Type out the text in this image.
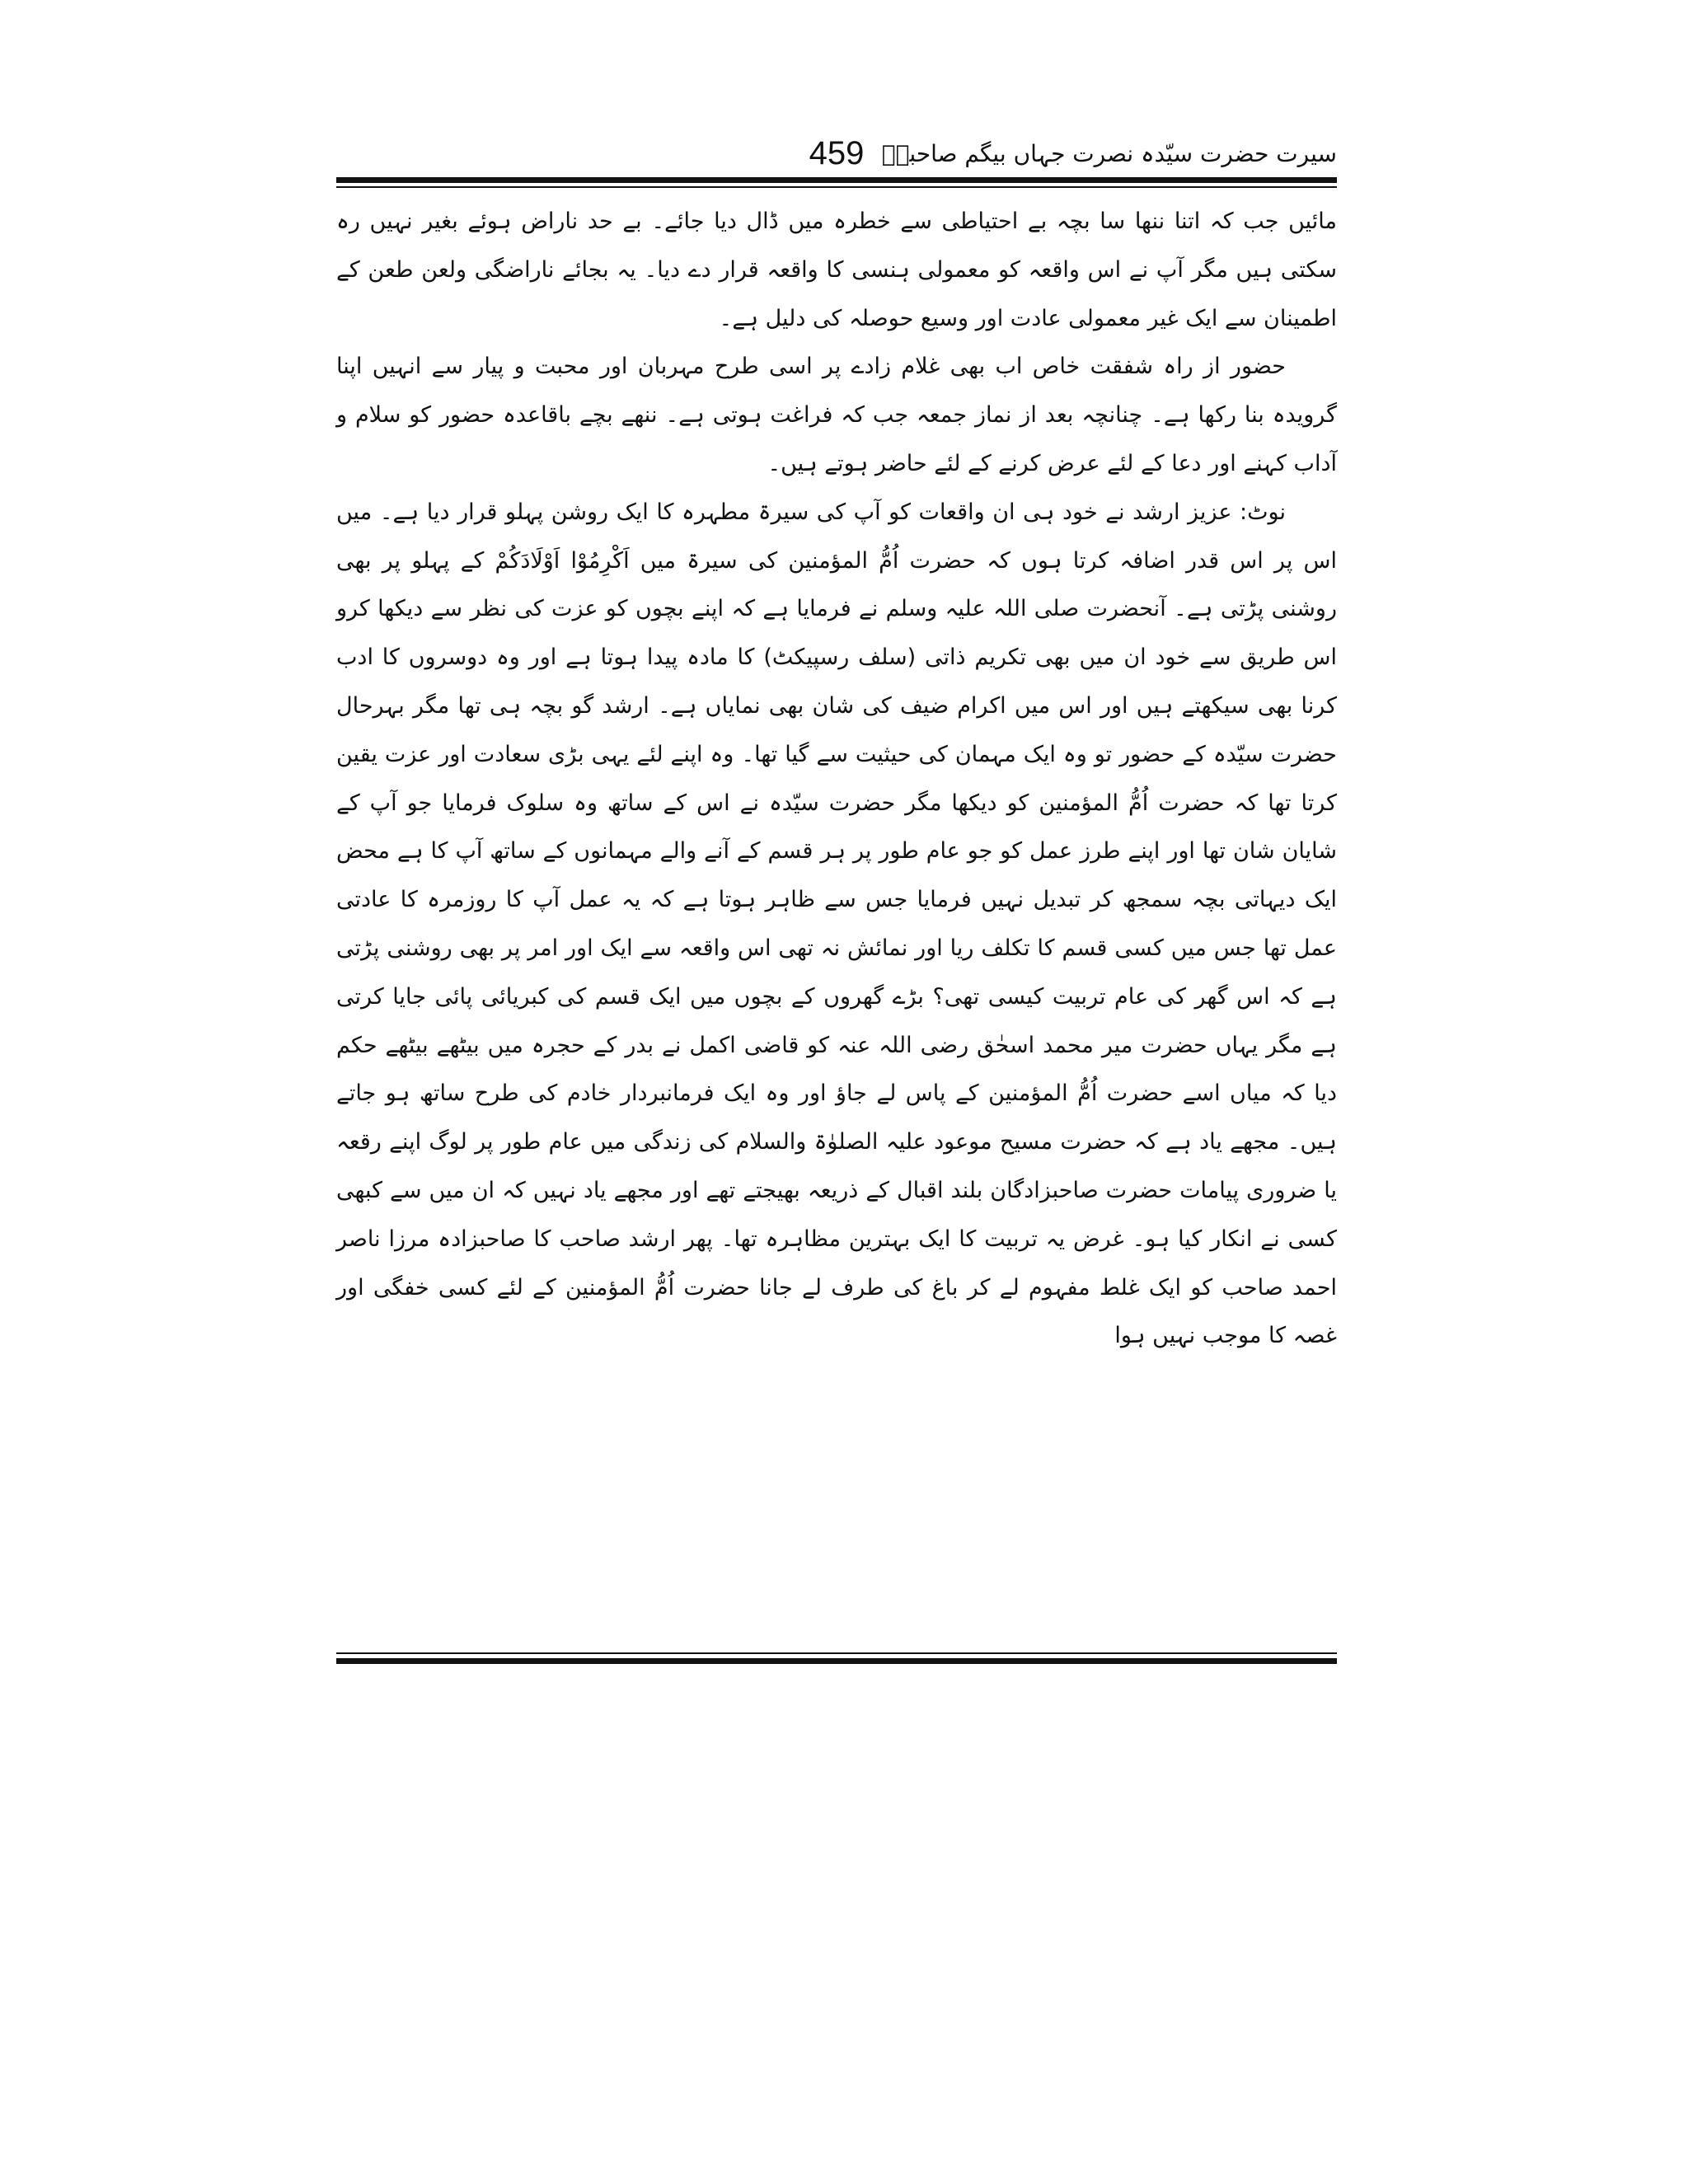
459 سیرت حضرت سیّدہ نصرت جہاں بیگم صاحبہؓ

مائیں جب کہ اتنا ننھا سا بچہ بے احتیاطی سے خطرہ میں ڈال دیا جائے۔ بے حد ناراض ہوئے بغیر نہیں رہ سکتی ہیں مگر آپ نے اس واقعہ کو معمولی ہنسی کا واقعہ قرار دے دیا۔ یہ بجائے ناراضگی ولعن طعن کے اطمینان سے ایک غیر معمولی عادت اور وسیع حوصلہ کی دلیل ہے۔

حضور از راہ شفقت خاص اب بھی غلام زادے پر اسی طرح مہربان اور محبت و پیار سے انہیں اپنا گرویدہ بنا رکھا ہے۔ چنانچہ بعد از نماز جمعہ جب کہ فراغت ہوتی ہے۔ ننھے بچے باقاعدہ حضور کو سلام و آداب کہنے اور دعا کے لئے عرض کرنے کے لئے حاضر ہوتے ہیں۔

نوٹ: عزیز ارشد نے خود ہی ان واقعات کو آپ کی سیرۃ مطہرہ کا ایک روشن پہلو قرار دیا ہے۔ میں اس پر اس قدر اضافہ کرتا ہوں کہ حضرت اُمُّ المؤمنین کی سیرۃ میں اَکْرِمُوْا اَوْلَادَکُمْ کے پہلو پر بھی روشنی پڑتی ہے۔ آنحضرت صلی اللہ علیہ وسلم نے فرمایا ہے کہ اپنے بچوں کو عزت کی نظر سے دیکھا کرو اس طریق سے خود ان میں بھی تکریم ذاتی (سلف رسپیکٹ) کا مادہ پیدا ہوتا ہے اور وہ دوسروں کا ادب کرنا بھی سیکھتے ہیں اور اس میں اکرام ضیف کی شان بھی نمایاں ہے۔ ارشد گو بچہ ہی تھا مگر بہرحال حضرت سیّدہ کے حضور تو وہ ایک مہمان کی حیثیت سے گیا تھا۔ وہ اپنے لئے یہی بڑی سعادت اور عزت یقین کرتا تھا کہ حضرت اُمُّ المؤمنین کو دیکھا مگر حضرت سیّدہ نے اس کے ساتھ وہ سلوک فرمایا جو آپ کے شایان شان تھا اور اپنے طرز عمل کو جو عام طور پر ہر قسم کے آنے والے مہمانوں کے ساتھ آپ کا ہے محض ایک دیہاتی بچہ سمجھ کر تبدیل نہیں فرمایا جس سے ظاہر ہوتا ہے کہ یہ عمل آپ کا روزمرہ کا عادتی عمل تھا جس میں کسی قسم کا تکلف ریا اور نمائش نہ تھی اس واقعہ سے ایک اور امر پر بھی روشنی پڑتی ہے کہ اس گھر کی عام تربیت کیسی تھی؟ بڑے گھروں کے بچوں میں ایک قسم کی کبریائی پائی جایا کرتی ہے مگر یہاں حضرت میر محمد اسحٰق رضی اللہ عنہ کو قاضی اکمل نے بدر کے حجرہ میں بیٹھے بیٹھے حکم دیا کہ میاں اسے حضرت اُمُّ المؤمنین کے پاس لے جاؤ اور وہ ایک فرمانبردار خادم کی طرح ساتھ ہو جاتے ہیں۔ مجھے یاد ہے کہ حضرت مسیح موعود علیہ الصلوٰۃ والسلام کی زندگی میں عام طور پر لوگ اپنے رقعہ یا ضروری پیامات حضرت صاحبزادگان بلند اقبال کے ذریعہ بھیجتے تھے اور مجھے یاد نہیں کہ ان میں سے کبھی کسی نے انکار کیا ہو۔ غرض یہ تربیت کا ایک بہترین مظاہرہ تھا۔ پھر ارشد صاحب کا صاحبزادہ مرزا ناصر احمد صاحب کو ایک غلط مفہوم لے کر باغ کی طرف لے جانا حضرت اُمُّ المؤمنین کے لئے کسی خفگی اور غصہ کا موجب نہیں ہوا
